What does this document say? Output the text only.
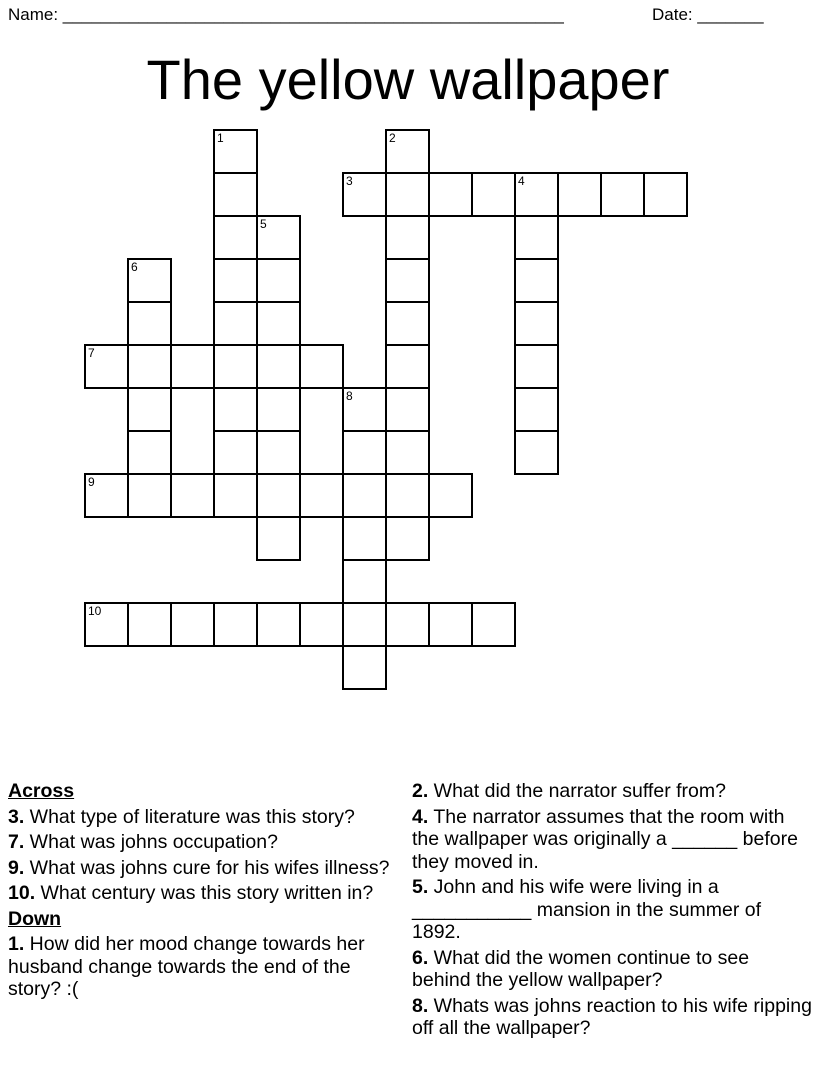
Name: _____________________________________________________	Date: _______
The yellow wallpaper
1	2
3	4
5
6
7
8
9
10
Across
3. What type of literature was this story?
7. What was johns occupation?
9. What was johns cure for his wifes illness?
10. What century was this story written in?
Down
1. How did her mood change towards her husband change towards the end of the story? :(
2. What did the narrator suffer from?
4. The narrator assumes that the room with the wallpaper was originally a ______ before they moved in.
5. John and his wife were living in a ___________ mansion in the summer of 1892.
6. What did the women continue to see behind the yellow wallpaper?
8. Whats was johns reaction to his wife ripping off all the wallpaper?
